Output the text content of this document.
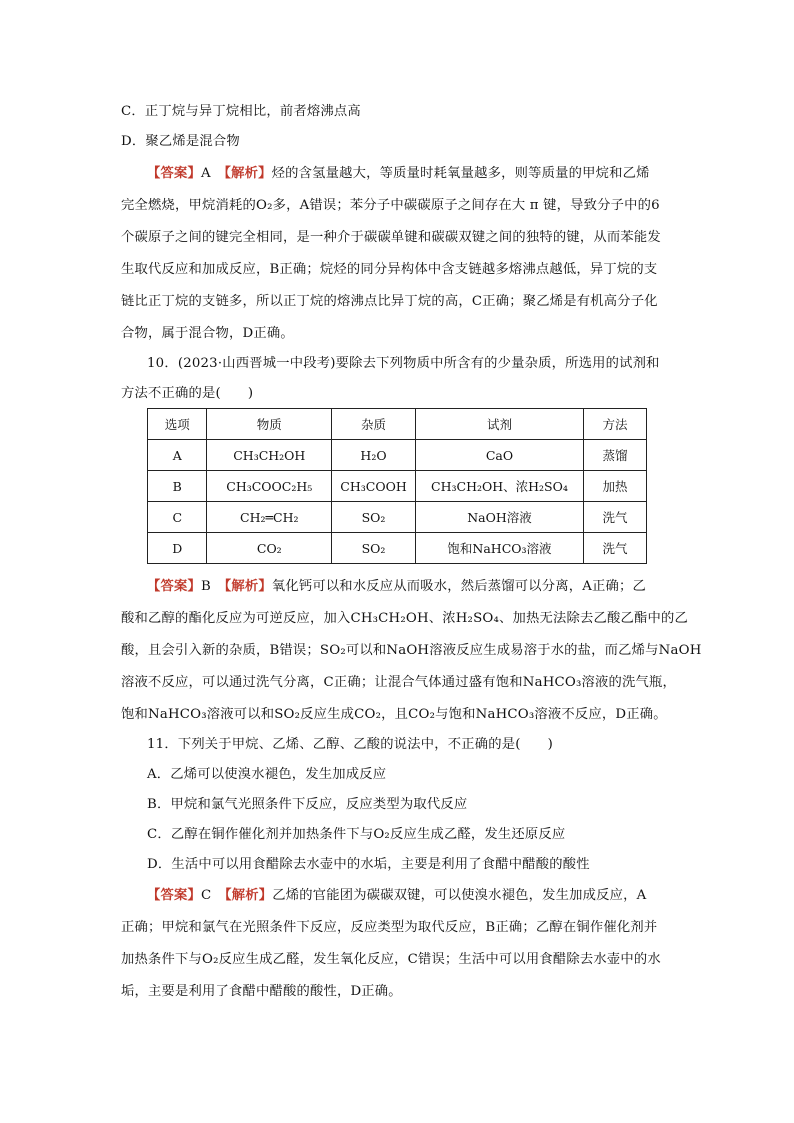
C．正丁烷与异丁烷相比，前者熔沸点高
D．聚乙烯是混合物
【答案】A　 【解析】烃的含氢量越大，等质量时耗氧量越多，则等质量的甲烷和乙烯
完全燃烧，甲烷消耗的O₂多，A错误；苯分子中碳碳原子之间存在大 π 键，导致分子中的6
个碳原子之间的键完全相同，是一种介于碳碳单键和碳碳双键之间的独特的键，从而苯能发
生取代反应和加成反应，B正确；烷烃的同分异构体中含支链越多熔沸点越低，异丁烷的支
链比正丁烷的支链多，所以正丁烷的熔沸点比异丁烷的高，C正确；聚乙烯是有机高分子化
合物，属于混合物，D正确。
10．(2023·山西晋城一中段考)要除去下列物质中所含有的少量杂质，所选用的试剂和
方法不正确的是(　　)
选项	物质	杂质	试剂	方法
A	CH₃CH₂OH	H₂O	CaO	蒸馏
B	CH₃COOC₂H₅	CH₃COOH	CH₃CH₂OH、浓H₂SO₄	加热
C	CH₂═CH₂	SO₂	NaOH溶液	洗气
D	CO₂	SO₂	饱和NaHCO₃溶液	洗气
【答案】B　 【解析】氧化钙可以和水反应从而吸水，然后蒸馏可以分离，A正确；乙
酸和乙醇的酯化反应为可逆反应，加入CH₃CH₂OH、浓H₂SO₄、加热无法除去乙酸乙酯中的乙
酸，且会引入新的杂质，B错误；SO₂可以和NaOH溶液反应生成易溶于水的盐，而乙烯与NaOH
溶液不反应，可以通过洗气分离，C正确；让混合气体通过盛有饱和NaHCO₃溶液的洗气瓶，
饱和NaHCO₃溶液可以和SO₂反应生成CO₂，且CO₂与饱和NaHCO₃溶液不反应，D正确。
11．下列关于甲烷、乙烯、乙醇、乙酸的说法中，不正确的是(　　)
A．乙烯可以使溴水褪色，发生加成反应
B．甲烷和氯气光照条件下反应，反应类型为取代反应
C．乙醇在铜作催化剂并加热条件下与O₂反应生成乙醛，发生还原反应
D．生活中可以用食醋除去水壶中的水垢，主要是利用了食醋中醋酸的酸性
【答案】C　 【解析】乙烯的官能团为碳碳双键，可以使溴水褪色，发生加成反应，A
正确；甲烷和氯气在光照条件下反应，反应类型为取代反应，B正确；乙醇在铜作催化剂并
加热条件下与O₂反应生成乙醛，发生氧化反应，C错误；生活中可以用食醋除去水壶中的水
垢，主要是利用了食醋中醋酸的酸性，D正确。
